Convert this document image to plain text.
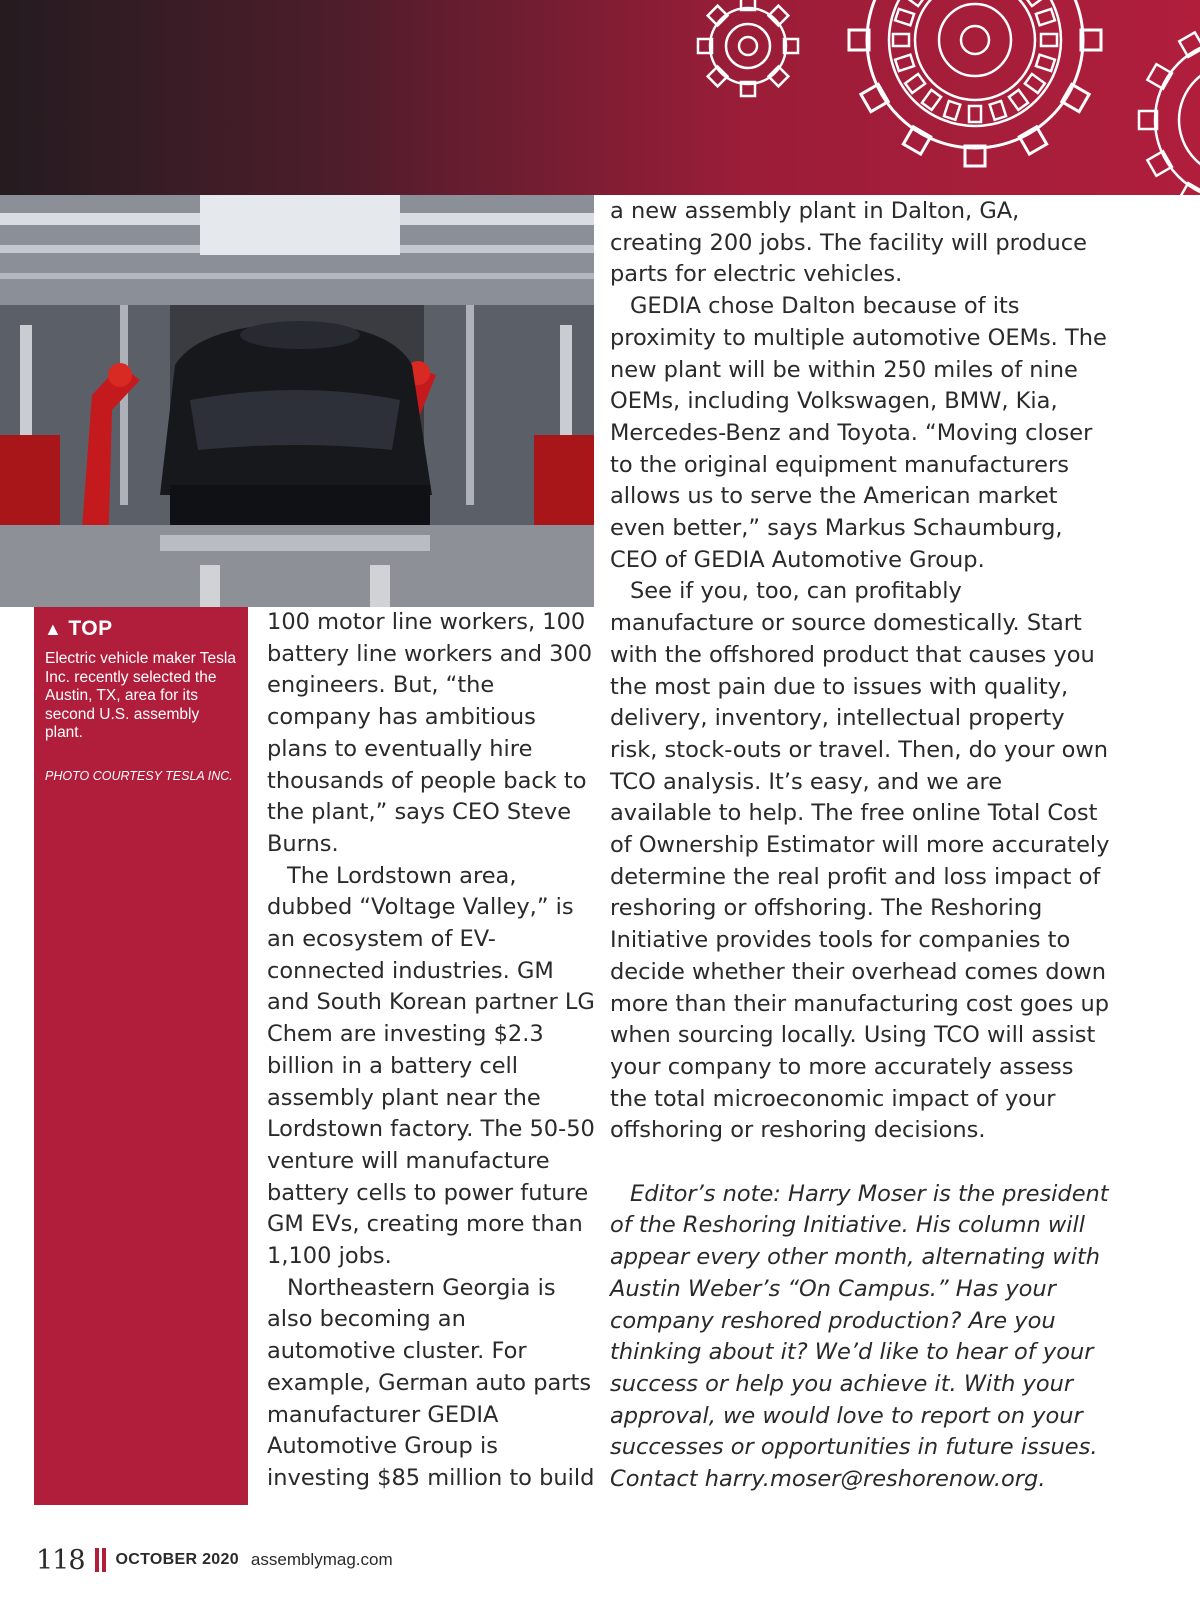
▲ TOP
Electric vehicle maker Tesla Inc. recently selected the Austin, TX, area for its second U.S. assembly plant.
PHOTO COURTESY TESLA INC.

100 motor line workers, 100 battery line workers and 300 engineers. But, “the company has ambitious plans to eventually hire thousands of people back to the plant,” says CEO Steve Burns.

The Lordstown area, dubbed “Voltage Valley,” is an ecosystem of EV-connected industries. GM and South Korean partner LG Chem are investing $2.3 billion in a battery cell assembly plant near the Lordstown factory. The 50-50 venture will manufacture battery cells to power future GM EVs, creating more than 1,100 jobs.

Northeastern Georgia is also becoming an automotive cluster. For example, German auto parts manufacturer GEDIA Automotive Group is investing $85 million to build

a new assembly plant in Dalton, GA, creating 200 jobs. The facility will produce parts for electric vehicles.

GEDIA chose Dalton because of its proximity to multiple automotive OEMs. The new plant will be within 250 miles of nine OEMs, including Volkswagen, BMW, Kia, Mercedes-Benz and Toyota. “Moving closer to the original equipment manufacturers allows us to serve the American market even better,” says Markus Schaumburg, CEO of GEDIA Automotive Group.

See if you, too, can profitably manufacture or source domestically. Start with the offshored product that causes you the most pain due to issues with quality, delivery, inventory, intellectual property risk, stock-outs or travel. Then, do your own TCO analysis. It’s easy, and we are available to help. The free online Total Cost of Ownership Estimator will more accurately determine the real profit and loss impact of reshoring or offshoring. The Reshoring Initiative provides tools for companies to decide whether their overhead comes down more than their manufacturing cost goes up when sourcing locally. Using TCO will assist your company to more accurately assess the total microeconomic impact of your offshoring or reshoring decisions.

Editor’s note: Harry Moser is the president of the Reshoring Initiative. His column will appear every other month, alternating with Austin Weber’s “On Campus.” Has your company reshored production? Are you thinking about it? We’d like to hear of your success or help you achieve it. With your approval, we would love to report on your successes or opportunities in future issues. Contact harry.moser@reshorenow.org.

118 OCTOBER 2020 assemblymag.com
